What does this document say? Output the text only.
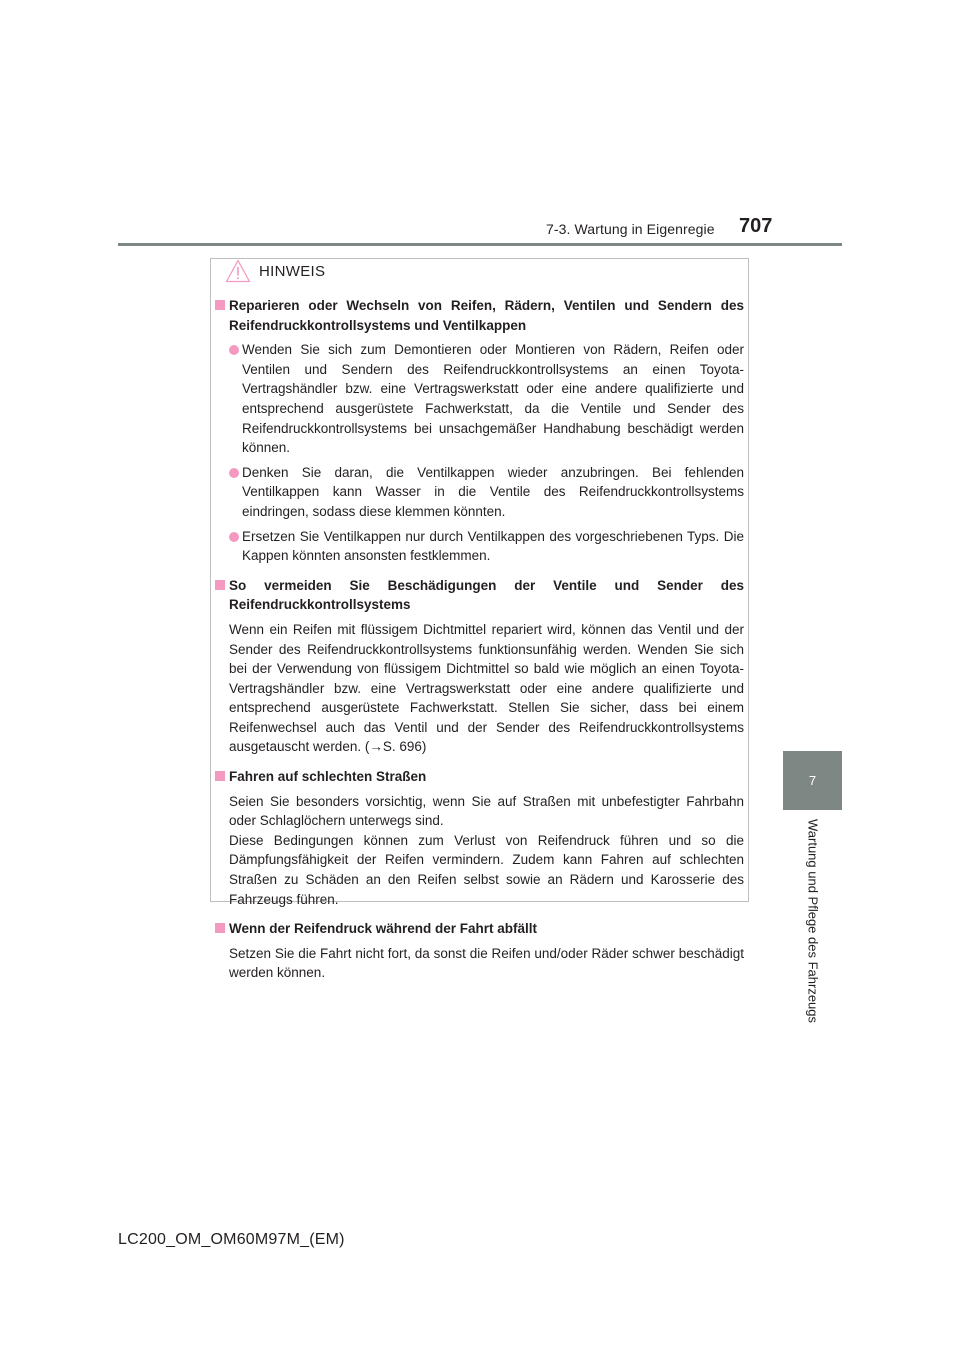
7-3. Wartung in Eigenregie 707
7
Wartung und Pflege des Fahrzeugs
HINWEIS
Reparieren oder Wechseln von Reifen, Rädern, Ventilen und Sendern des Reifendruckkontrollsystems und Ventilkappen
Wenden Sie sich zum Demontieren oder Montieren von Rädern, Reifen oder Ventilen und Sendern des Reifendruckkontrollsystems an einen Toyota-Vertragshändler bzw. eine Vertragswerkstatt oder eine andere qualifizierte und entsprechend ausgerüstete Fachwerkstatt, da die Ventile und Sender des Reifendruckkontrollsystems bei unsachgemäßer Handhabung beschädigt werden können.
Denken Sie daran, die Ventilkappen wieder anzubringen. Bei fehlenden Ventilkappen kann Wasser in die Ventile des Reifendruckkontrollsystems eindringen, sodass diese klemmen könnten.
Ersetzen Sie Ventilkappen nur durch Ventilkappen des vorgeschriebenen Typs. Die Kappen könnten ansonsten festklemmen.
So vermeiden Sie Beschädigungen der Ventile und Sender des Reifendruckkontrollsystems
Wenn ein Reifen mit flüssigem Dichtmittel repariert wird, können das Ventil und der Sender des Reifendruckkontrollsystems funktionsunfähig werden. Wenden Sie sich bei der Verwendung von flüssigem Dichtmittel so bald wie möglich an einen Toyota-Vertragshändler bzw. eine Vertragswerkstatt oder eine andere qualifizierte und entsprechend ausgerüstete Fachwerkstatt. Stellen Sie sicher, dass bei einem Reifenwechsel auch das Ventil und der Sender des Reifendruckkontrollsystems ausgetauscht werden. (→S. 696)
Fahren auf schlechten Straßen
Seien Sie besonders vorsichtig, wenn Sie auf Straßen mit unbefestigter Fahrbahn oder Schlaglöchern unterwegs sind.
Diese Bedingungen können zum Verlust von Reifendruck führen und so die Dämpfungsfähigkeit der Reifen vermindern. Zudem kann Fahren auf schlechten Straßen zu Schäden an den Reifen selbst sowie an Rädern und Karosserie des Fahrzeugs führen.
Wenn der Reifendruck während der Fahrt abfällt
Setzen Sie die Fahrt nicht fort, da sonst die Reifen und/oder Räder schwer beschädigt werden können.
LC200_OM_OM60M97M_(EM)
